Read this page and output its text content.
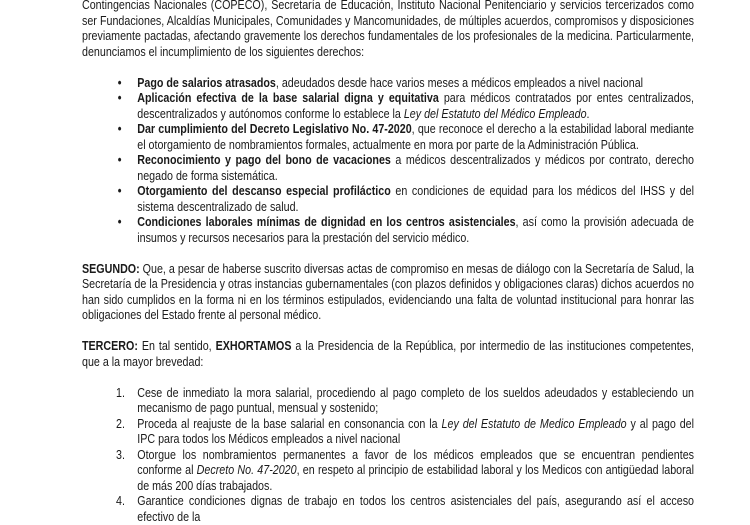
Contingencias Nacionales (COPECO), Secretaría de Educación, Instituto Nacional Penitenciario y servicios tercerizados como ser Fundaciones, Alcaldías Municipales, Comunidades y Mancomunidades, de múltiples acuerdos, compromisos y disposiciones previamente pactadas, afectando gravemente los derechos fundamentales de los profesionales de la medicina. Particularmente, denunciamos el incumplimiento de los siguientes derechos:

• Pago de salarios atrasados, adeudados desde hace varios meses a médicos empleados a nivel nacional
• Aplicación efectiva de la base salarial digna y equitativa para médicos contratados por entes centralizados, descentralizados y autónomos conforme lo establece la Ley del Estatuto del Médico Empleado.
• Dar cumplimiento del Decreto Legislativo No. 47-2020, que reconoce el derecho a la estabilidad laboral mediante el otorgamiento de nombramientos formales, actualmente en mora por parte de la Administración Pública.
• Reconocimiento y pago del bono de vacaciones a médicos descentralizados y médicos por contrato, derecho negado de forma sistemática.
• Otorgamiento del descanso especial profiláctico en condiciones de equidad para los médicos del IHSS y del sistema descentralizado de salud.
• Condiciones laborales mínimas de dignidad en los centros asistenciales, así como la provisión adecuada de insumos y recursos necesarios para la prestación del servicio médico.

SEGUNDO: Que, a pesar de haberse suscrito diversas actas de compromiso en mesas de diálogo con la Secretaría de Salud, la Secretaría de la Presidencia y otras instancias gubernamentales (con plazos definidos y obligaciones claras) dichos acuerdos no han sido cumplidos en la forma ni en los términos estipulados, evidenciando una falta de voluntad institucional para honrar las obligaciones del Estado frente al personal médico.

TERCERO: En tal sentido, EXHORTAMOS a la Presidencia de la República, por intermedio de las instituciones competentes, que a la mayor brevedad:

1. Cese de inmediato la mora salarial, procediendo al pago completo de los sueldos adeudados y estableciendo un mecanismo de pago puntual, mensual y sostenido;
2. Proceda al reajuste de la base salarial en consonancia con la Ley del Estatuto de Medico Empleado y al pago del IPC para todos los Médicos empleados a nivel nacional
3. Otorgue los nombramientos permanentes a favor de los médicos empleados que se encuentran pendientes conforme al Decreto No. 47-2020, en respeto al principio de estabilidad laboral y los Medicos con antigüedad laboral de más 200 días trabajados.
4. Garantice condiciones dignas de trabajo en todos los centros asistenciales del país, asegurando así el acceso efectivo de la
